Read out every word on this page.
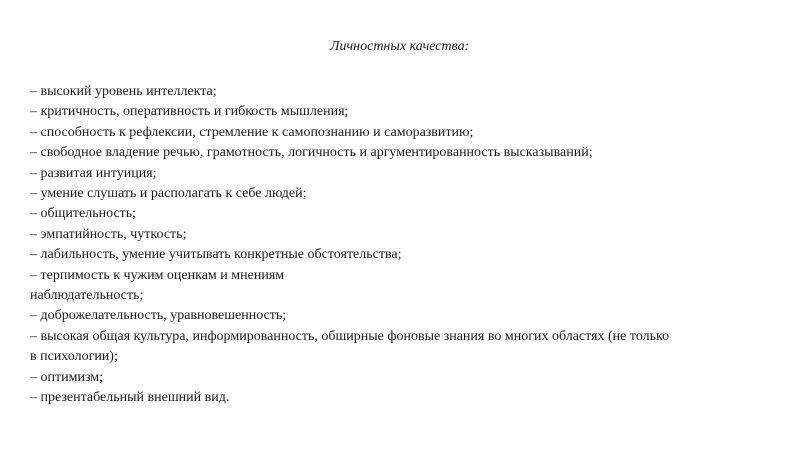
Личностных качества:
– высокий уровень интеллекта;
– критичность, оперативность и гибкость мышления;
– способность к рефлексии, стремление к самопознанию и саморазвитию;
– свободное владение речью, грамотность, логичность и аргументированность высказываний;
– развитая интуиция;
– умение слушать и располагать к себе людей;
– общительность;
– эмпатийность, чуткость;
– лабильность, умение учитывать конкретные обстоятельства;
– терпимость к чужим оценкам и мнениям
наблюдательность;
– доброжелательность, уравновешенность;
– высокая общая культура, информированность, обширные фоновые знания во многих областях (не только
в психологии);
– оптимизм;
– презентабельный внешний вид.
